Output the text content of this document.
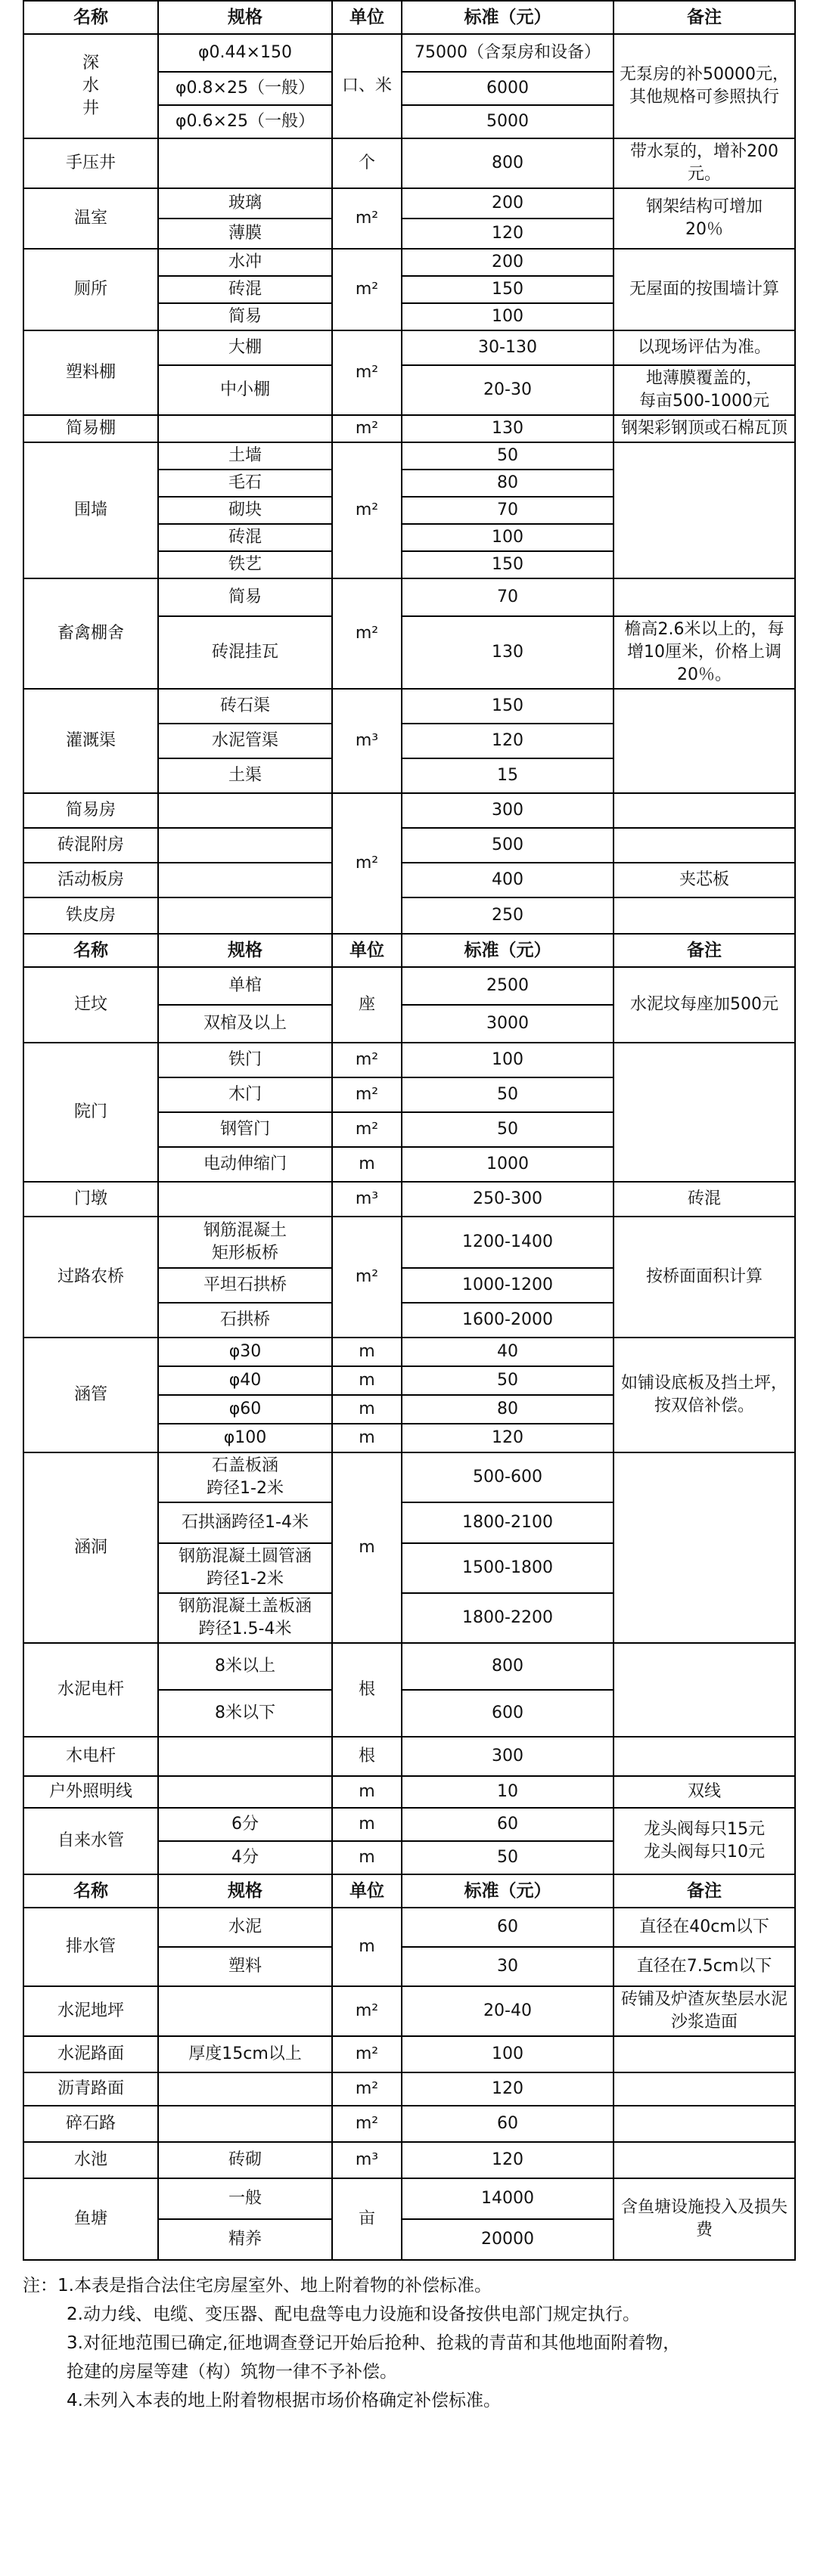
名称	规格	单位	标准（元）	备注
深
水
井	φ0.44×150	口、米	75000（含泵房和设备）	无泵房的补50000元，
其他规格可参照执行
	φ0.8×25（一般）		6000	
	φ0.6×25（一般）		5000	
手压井		个	800	带水泵的，增补200元。
温室	玻璃	m²	200	钢架结构可增加
20％
	薄膜		120	
厕所	水冲	m²	200	无屋面的按围墙计算
	砖混		150	
	简易		100	
塑料棚	大棚	m²	30-130	以现场评估为准。
	中小棚		20-30	地薄膜覆盖的，
每亩500-1000元
简易棚		m²	130	钢架彩钢顶或石棉瓦顶
围墙	土墙	m²	50	
	毛石		80	
	砌块		70	
	砖混		100	
	铁艺		150	
畜禽棚舍	简易	m²	70	
	砖混挂瓦		130	檐高2.6米以上的，每增10厘米，价格上调20％。
灌溉渠	砖石渠	m³	150	
	水泥管渠		120	
	土渠		15	
简易房		m²	300	
砖混附房			500	
活动板房			400	夹芯板
铁皮房			250	
名称	规格	单位	标准（元）	备注
迁坟	单棺	座	2500	水泥坟每座加500元
	双棺及以上		3000	
院门	铁门	m²	100	
	木门	m²	50	
	钢管门	m²	50	
	电动伸缩门	m	1000	
门墩		m³	250-300	砖混
过路农桥	钢筋混凝土
矩形板桥	m²	1200-1400	按桥面面积计算
	平坦石拱桥		1000-1200	
	石拱桥		1600-2000	
涵管	φ30	m	40	如铺设底板及挡土坪，
按双倍补偿。
	φ40	m	50	
	φ60	m	80	
	φ100	m	120	
涵洞	石盖板涵
跨径1-2米	m	500-600	
	石拱涵跨径1-4米		1800-2100	
	钢筋混凝土圆管涵
跨径1-2米		1500-1800	
	钢筋混凝土盖板涵
跨径1.5-4米		1800-2200	
水泥电杆	8米以上	根	800	
	8米以下		600	
木电杆		根	300	
户外照明线		m	10	双线
自来水管	6分	m	60	龙头阀每只15元
龙头阀每只10元
	4分	m	50	
名称	规格	单位	标准（元）	备注
排水管	水泥	m	60	直径在40cm以下
	塑料		30	直径在7.5cm以下
水泥地坪		m²	20-40	砖铺及炉渣灰垫层水泥
沙浆造面
水泥路面	厚度15cm以上	m²	100	
沥青路面		m²	120	
碎石路		m²	60	
水池	砖砌	m³	120	
鱼塘	一般	亩	14000	含鱼塘设施投入及损失费
	精养		20000	
注：1.本表是指合法住宅房屋室外、地上附着物的补偿标准。
2.动力线、电缆、变压器、配电盘等电力设施和设备按供电部门规定执行。
3.对征地范围已确定,征地调查登记开始后抢种、抢栽的青苗和其他地面附着物，
抢建的房屋等建（构）筑物一律不予补偿。
4.未列入本表的地上附着物根据市场价格确定补偿标准。
